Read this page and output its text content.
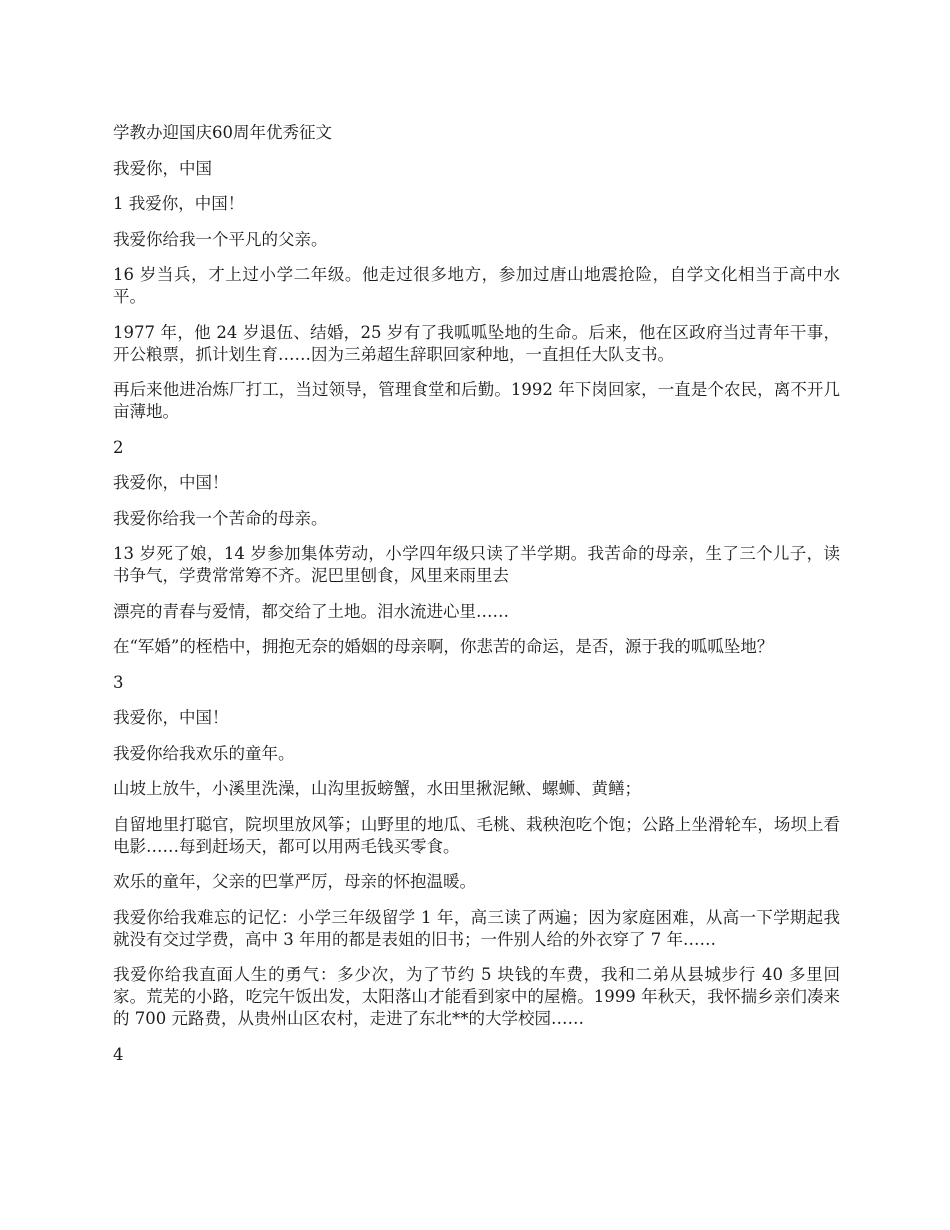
学教办迎国庆60周年优秀征文

我爱你，中国

1 我爱你，中国！

我爱你给我一个平凡的父亲。

16 岁当兵，才上过小学二年级。他走过很多地方，参加过唐山地震抢险，自学文化相当于高中水平。

1977 年，他 24 岁退伍、结婚，25 岁有了我呱呱坠地的生命。后来，他在区政府当过青年干事，开公粮票，抓计划生育……因为三弟超生辞职回家种地，一直担任大队支书。

再后来他进冶炼厂打工，当过领导，管理食堂和后勤。1992 年下岗回家，一直是个农民，离不开几亩薄地。

2

我爱你，中国！

我爱你给我一个苦命的母亲。

13 岁死了娘，14 岁参加集体劳动，小学四年级只读了半学期。我苦命的母亲，生了三个儿子，读书争气，学费常常筹不齐。泥巴里刨食，风里来雨里去

漂亮的青春与爱情，都交给了土地。泪水流进心里……

在“军婚”的桎梏中，拥抱无奈的婚姻的母亲啊，你悲苦的命运，是否，源于我的呱呱坠地？

3

我爱你，中国！

我爱你给我欢乐的童年。

山坡上放牛，小溪里洗澡，山沟里扳螃蟹，水田里揪泥鳅、螺蛳、黄鳝；

自留地里打聪官，院坝里放风筝；山野里的地瓜、毛桃、栽秧泡吃个饱；公路上坐滑轮车，场坝上看电影……每到赶场天，都可以用两毛钱买零食。

欢乐的童年，父亲的巴掌严厉，母亲的怀抱温暖。

我爱你给我难忘的记忆：小学三年级留学 1 年，高三读了两遍；因为家庭困难，从高一下学期起我就没有交过学费，高中 3 年用的都是表姐的旧书；一件别人给的外衣穿了 7 年……

我爱你给我直面人生的勇气：多少次，为了节约 5 块钱的车费，我和二弟从县城步行 40 多里回家。荒芜的小路，吃完午饭出发，太阳落山才能看到家中的屋檐。1999 年秋天，我怀揣乡亲们凑来的 700 元路费，从贵州山区农村，走进了东北**的大学校园……

4
